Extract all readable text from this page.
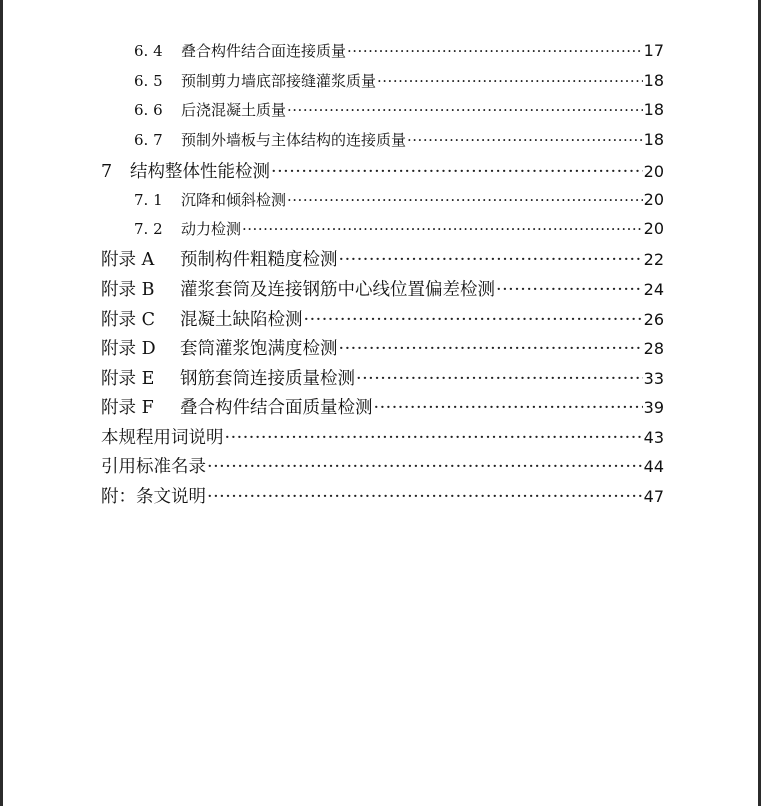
6. 4	叠合构件结合面连接质量 ·····	17
6. 5	预制剪力墙底部接缝灌浆质量 ·····	18
6. 6	后浇混凝土质量 ·····	18
6. 7	预制外墙板与主体结构的连接质量 ·····	18
7	结构整体性能检测 ·····	20
7. 1	沉降和倾斜检测 ·····	20
7. 2	动力检测 ·····	20
附录 A	预制构件粗糙度检测 ·····	22
附录 B	灌浆套筒及连接钢筋中心线位置偏差检测 ·····	24
附录 C	混凝土缺陷检测 ·····	26
附录 D	套筒灌浆饱满度检测 ·····	28
附录 E	钢筋套筒连接质量检测 ·····	33
附录 F	叠合构件结合面质量检测 ·····	39
本规程用词说明 ·····	43
引用标准名录 ·····	44
附：条文说明 ·····	47
